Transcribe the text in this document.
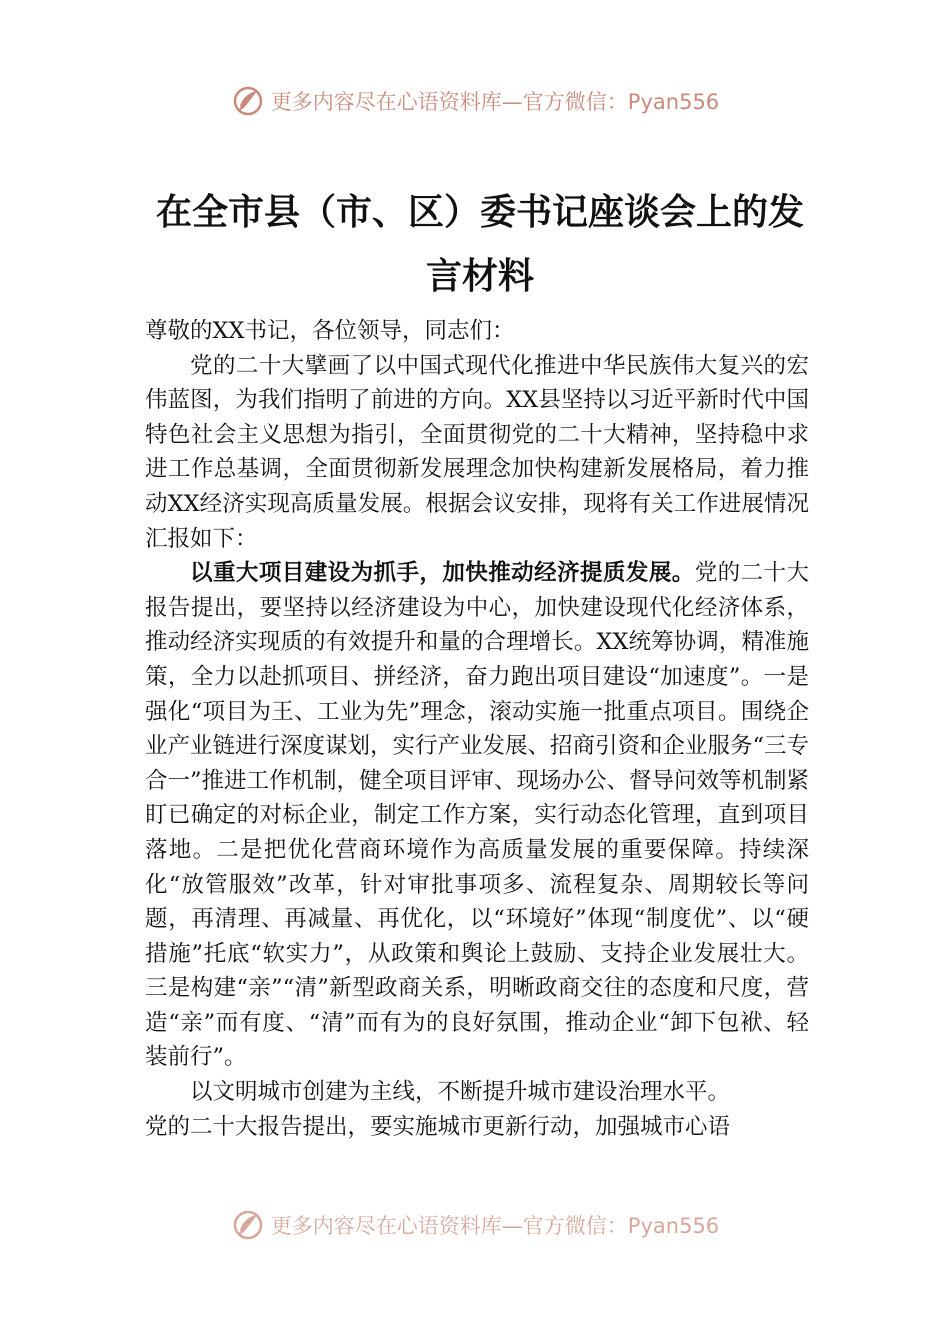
更多内容尽在心语资料库—官方微信：Pyan556
在全市县（市、区）委书记座谈会上的发言材料

尊敬的XX书记，各位领导，同志们：

党的二十大擘画了以中国式现代化推进中华民族伟大复兴的宏伟蓝图，为我们指明了前进的方向。XX县坚持以习近平新时代中国特色社会主义思想为指引，全面贯彻党的二十大精神，坚持稳中求进工作总基调，全面贯彻新发展理念加快构建新发展格局，着力推动XX经济实现高质量发展。根据会议安排，现将有关工作进展情况汇报如下：

以重大项目建设为抓手，加快推动经济提质发展。党的二十大报告提出，要坚持以经济建设为中心，加快建设现代化经济体系，推动经济实现质的有效提升和量的合理增长。XX统筹协调，精准施策，全力以赴抓项目、拼经济，奋力跑出项目建设“加速度”。一是强化“项目为王、工业为先”理念，滚动实施一批重点项目。围绕企业产业链进行深度谋划，实行产业发展、招商引资和企业服务“三专合一”推进工作机制，健全项目评审、现场办公、督导问效等机制紧盯已确定的对标企业，制定工作方案，实行动态化管理，直到项目落地。二是把优化营商环境作为高质量发展的重要保障。持续深化“放管服效”改革，针对审批事项多、流程复杂、周期较长等问题，再清理、再减量、再优化，以“环境好”体现“制度优”、以“硬措施”托底“软实力”，从政策和舆论上鼓励、支持企业发展壮大。三是构建“亲”“清”新型政商关系，明晰政商交往的态度和尺度，营造“亲”而有度、“清”而有为的良好氛围，推动企业“卸下包袱、轻装前行”。

以文明城市创建为主线，不断提升城市建设治理水平。

党的二十大报告提出，要实施城市更新行动，加强城市心语

更多内容尽在心语资料库—官方微信：Pyan556
